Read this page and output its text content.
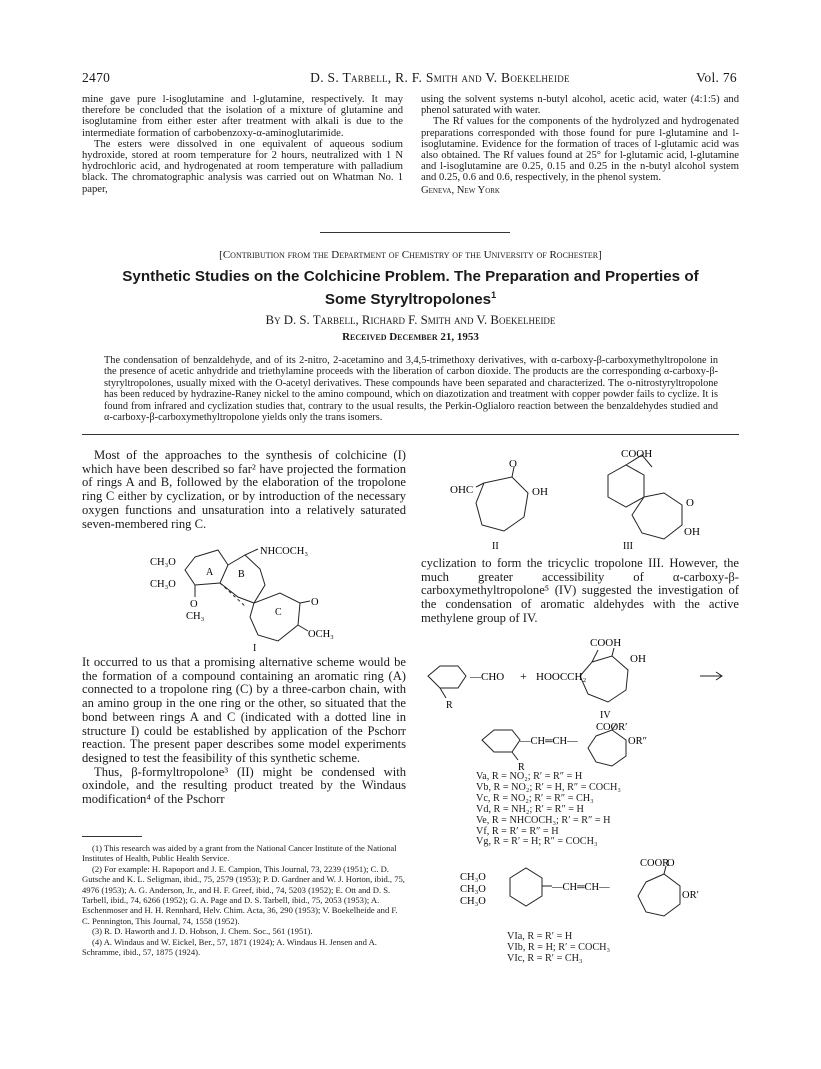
2470	D. S. Tarbell, R. F. Smith and V. Boekelheide	Vol. 76

mine gave pure l-isoglutamine and l-glutamine, respectively. It may therefore be concluded that the isolation of a mixture of glutamine and isoglutamine from either ester after treatment with alkali is due to the intermediate formation of carbobenzoxy-α-aminoglutarimide.

The esters were dissolved in one equivalent of aqueous sodium hydroxide, stored at room temperature for 2 hours, neutralized with 1 N hydrochloric acid, and hydrogenated at room temperature with palladium black. The chromatographic analysis was carried out on Whatman No. 1 paper,

using the solvent systems n-butyl alcohol, acetic acid, water (4:1:5) and phenol saturated with water.

The Rf values for the components of the hydrolyzed and hydrogenated preparations corresponded with those found for pure l-glutamine and l-isoglutamine. Evidence for the formation of traces of l-glutamic acid was also obtained. The Rf values found at 25° for l-glutamic acid, l-glutamine and l-isoglutamine are 0.25, 0.15 and 0.25 in the n-butyl alcohol system and 0.25, 0.6 and 0.6, respectively, in the phenol system.

Geneva, New York

[Contribution from the Department of Chemistry of the University of Rochester]
Synthetic Studies on the Colchicine Problem. The Preparation and Properties of
Some Styryltropolones$^1$
By D. S. Tarbell, Richard F. Smith and V. Boekelheide
Received December 21, 1953
The condensation of benzaldehyde, and of its 2-nitro, 2-acetamino and 3,4,5-trimethoxy derivatives, with α-carboxy-β-carboxymethyltropolone in the presence of acetic anhydride and triethylamine proceeds with the liberation of carbon dioxide. The products are the corresponding α-carboxy-β-styryltropolones, usually mixed with the O-acetyl derivatives. These compounds have been separated and characterized. The o-nitrostyryltropolone has been reduced by hydrazine-Raney nickel to the amino compound, which on diazotization and treatment with copper powder fails to cyclize. It is found from infrared and cyclization studies that, contrary to the usual results, the Perkin-Oglialoro reaction between the benzaldehydes studied and α-carboxy-β-carboxymethyltropolone yields only the trans isomers.

Most of the approaches to the synthesis of colchicine (I) which have been described so far² have projected the formation of rings A and B, followed by the elaboration of the tropolone ring C either by cyclization, or by introduction of the necessary oxygen functions and unsaturation into a relatively saturated seven-membered ring C.

CH₃O
CH₃O
NHCOCH₃
A B
C
O
OCH₃
O
CH₃
I

It occurred to us that a promising alternative scheme would be the formation of a compound containing an aromatic ring (A) connected to a tropolone ring (C) by a three-carbon chain, with an amino group in the one ring or the other, so situated that the bond between rings A and C (indicated with a dotted line in structure I) could be established by application of the Pschorr reaction. The present paper describes some model experiments designed to test the feasibility of this synthetic scheme.

Thus, β-formyltropolone³ (II) might be condensed with oxindole, and the resulting product treated by the Windaus modification⁴ of the Pschorr

(1) This research was aided by a grant from the National Cancer Institute of the National Institutes of Health, Public Health Service.

(2) For example: H. Rapoport and J. E. Campion, This Journal, 73, 2239 (1951); C. D. Gutsche and K. L. Seligman, ibid., 75, 2579 (1953); P. D. Gardner and W. J. Horton, ibid., 75, 4976 (1953); A. G. Anderson, Jr., and H. F. Greef, ibid., 74, 5203 (1952); E. Ott and D. S. Tarbell, ibid., 74, 6266 (1952); G. A. Page and D. S. Tarbell, ibid., 75, 2053 (1953); A. Eschenmoser and H. H. Rennhard, Helv. Chim. Acta, 36, 290 (1953); V. Boekelheide and F. C. Pennington, This Journal, 74, 1558 (1952).

(3) R. D. Haworth and J. D. Hobson, J. Chem. Soc., 561 (1951).

(4) A. Windaus and W. Eickel, Ber., 57, 1871 (1924); A. Windaus H. Jensen and A. Schramme, ibid., 57, 1875 (1924).

OHC
O
OH
II
COOH
O
OH
III

cyclization to form the tricyclic tropolone III. However, the much greater accessibility of α-carboxy-β-carboxymethyltropolone⁵ (IV) suggested the investigation of the condensation of aromatic aldehydes with the active methylene group of IV.

—CHO + HOOCCH₂
R
COOH
OH
IV
—CH═CH—
COOR′
OR″
R
Va, R = NO₂; R′ = R″ = H
Vb, R = NO₂; R′ = H, R″ = COCH₃
Vc, R = NO₂; R′ = R″ = CH₃
Vd, R = NH₂; R′ = R″ = H
Ve, R = NHCOCH₃; R′ = R″ = H
Vf, R = R′ = R″ = H
Vg, R = R′ = H; R″ = COCH₃
CH₃O
CH₃O
CH₃O
—CH═CH—
COOR
O
OR′
VIa, R = R′ = H
VIb, R = H; R′ = COCH₃
VIc, R = R′ = CH₃
